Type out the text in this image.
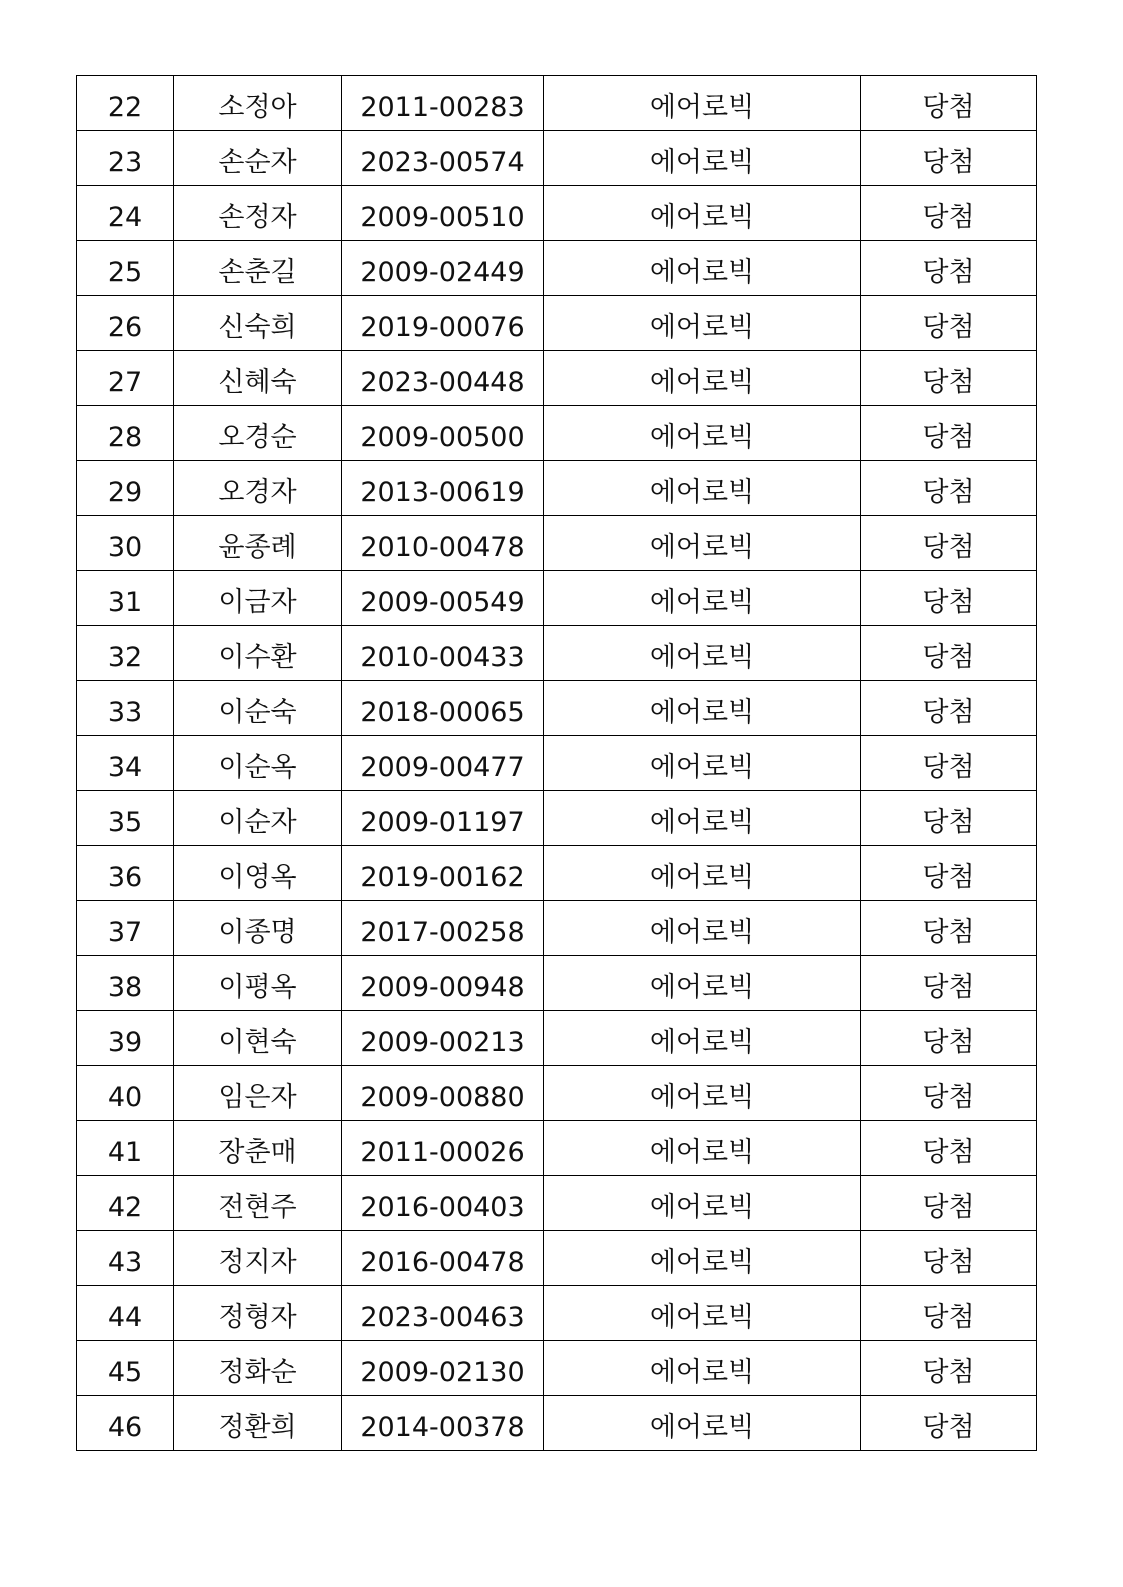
22	소정아	2011-00283	에어로빅	당첨
23	손순자	2023-00574	에어로빅	당첨
24	손정자	2009-00510	에어로빅	당첨
25	손춘길	2009-02449	에어로빅	당첨
26	신숙희	2019-00076	에어로빅	당첨
27	신혜숙	2023-00448	에어로빅	당첨
28	오경순	2009-00500	에어로빅	당첨
29	오경자	2013-00619	에어로빅	당첨
30	윤종례	2010-00478	에어로빅	당첨
31	이금자	2009-00549	에어로빅	당첨
32	이수환	2010-00433	에어로빅	당첨
33	이순숙	2018-00065	에어로빅	당첨
34	이순옥	2009-00477	에어로빅	당첨
35	이순자	2009-01197	에어로빅	당첨
36	이영옥	2019-00162	에어로빅	당첨
37	이종명	2017-00258	에어로빅	당첨
38	이평옥	2009-00948	에어로빅	당첨
39	이현숙	2009-00213	에어로빅	당첨
40	임은자	2009-00880	에어로빅	당첨
41	장춘매	2011-00026	에어로빅	당첨
42	전현주	2016-00403	에어로빅	당첨
43	정지자	2016-00478	에어로빅	당첨
44	정형자	2023-00463	에어로빅	당첨
45	정화순	2009-02130	에어로빅	당첨
46	정환희	2014-00378	에어로빅	당첨
